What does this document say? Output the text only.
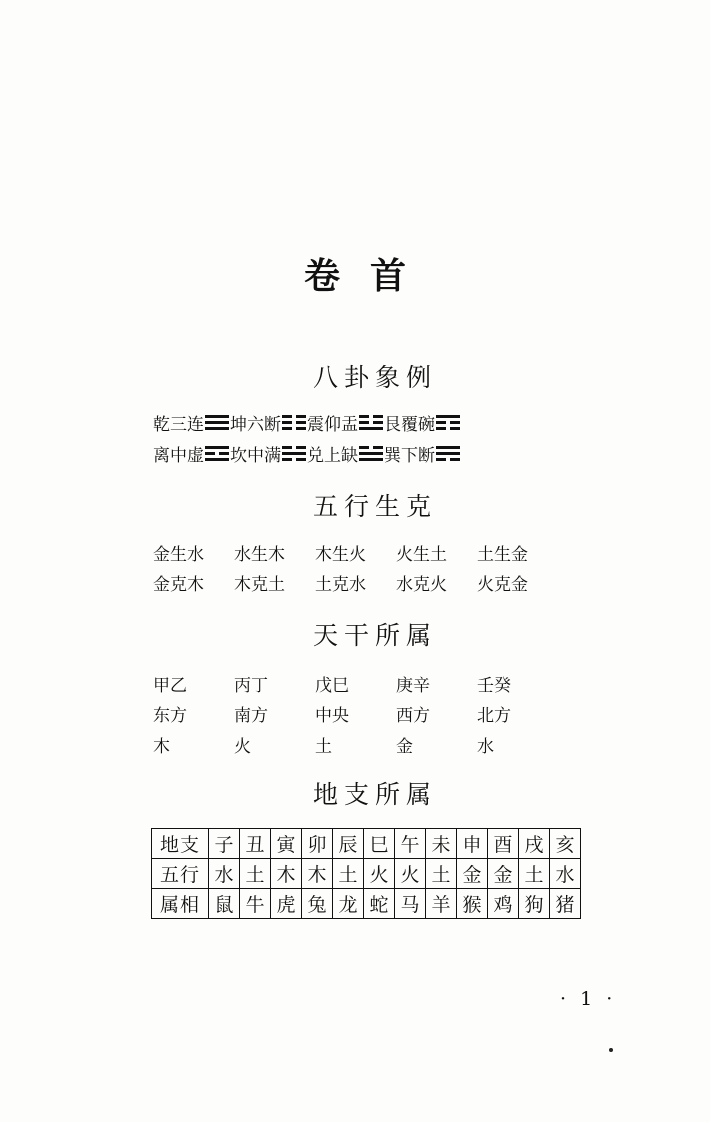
卷首
八卦象例
乾三连 坤六断 震仰盂 艮覆碗
离中虚 坎中满 兑上缺 巽下断
五行生克
金生水	水生木	木生火	火生土	土生金
金克木	木克土	土克水	水克火	火克金
天干所属
甲乙	丙丁	戊巳	庚辛	壬癸
东方	南方	中央	西方	北方
木	火	土	金	水
地支所属
地支	子	丑	寅	卯	辰	巳	午	未	申	酉	戌	亥
五行	水	土	木	木	土	火	火	土	金	金	土	水
属相	鼠	牛	虎	兔	龙	蛇	马	羊	猴	鸡	狗	猪
· 1 ·
